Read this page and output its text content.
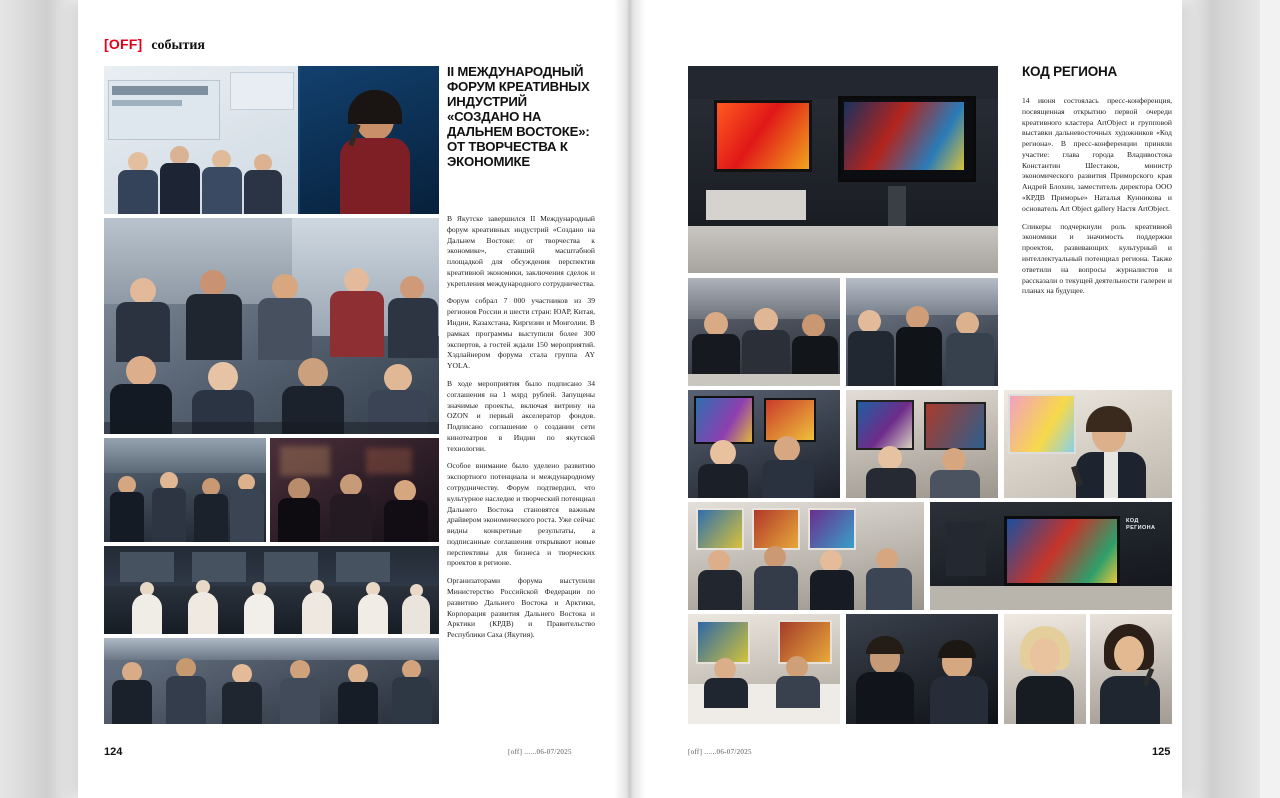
[OFF] события
II МЕЖДУНАРОДНЫЙ ФОРУМ КРЕАТИВНЫХ ИНДУСТРИЙ «СОЗДАНО НА ДАЛЬНЕМ ВОСТОКЕ»: ОТ ТВОРЧЕСТВА К ЭКОНОМИКЕ

В Якутске завершился II Международный форум креативных индустрий «Создано на Дальнем Востоке: от творчества к экономике», ставший масштабной площадкой для обсуждения перспектив креативной экономики, заключения сделок и укрепления международного сотрудничества.

Форум собрал 7 000 участников из 39 регионов России и шести стран: ЮАР, Китая, Индии, Казахстана, Киргизии и Монголии. В рамках программы выступили более 300 экспертов, а гостей ждали 150 мероприятий. Хэдлайнером форума стала группа AY YOLA.

В ходе мероприятия было подписано 34 соглашения на 1 млрд рублей. Запущены значимые проекты, включая витрину на OZON и первый акселератор фондов. Подписано соглашение о создании сети кинотеатров в Индии по якутской технологии.

Особое внимание было уделено развитию экспортного потенциала и международному сотрудничеству. Форум подтвердил, что культурное наследие и творческий потенциал Дальнего Востока становятся важным драйвером экономического роста. Уже сейчас видны конкретные результаты, а подписанные соглашения открывают новые перспективы для бизнеса и творческих проектов в регионе.

Организаторами форума выступили Министерство Российской Федерации по развитию Дальнего Востока и Арктики, Корпорация развития Дальнего Востока и Арктики (КРДВ) и Правительство Республики Саха (Якутия).

КОД РЕГИОНА
КОД РЕГИОНА

14 июня состоялась пресс-конференция, посвященная открытию первой очереди креативного кластера ArtObject и групповой выставки дальневосточных художников «Код региона». В пресс-конференции приняли участие: глава города Владивостока Константин Шестаков, министр экономического развития Приморского края Андрей Блохин, заместитель директора ООО «КРДВ Приморье» Наталья Кунникова и основатель Art Object gallery Настя ArtObject.

Спикеры подчеркнули роль креативной экономики и значимость поддержки проектов, развивающих культурный и интеллектуальный потенциал региона. Также ответили на вопросы журналистов и рассказали о текущей деятельности галереи и планах на будущее.

124	125
[off] ......06-07/2025	[off] ......06-07/2025
